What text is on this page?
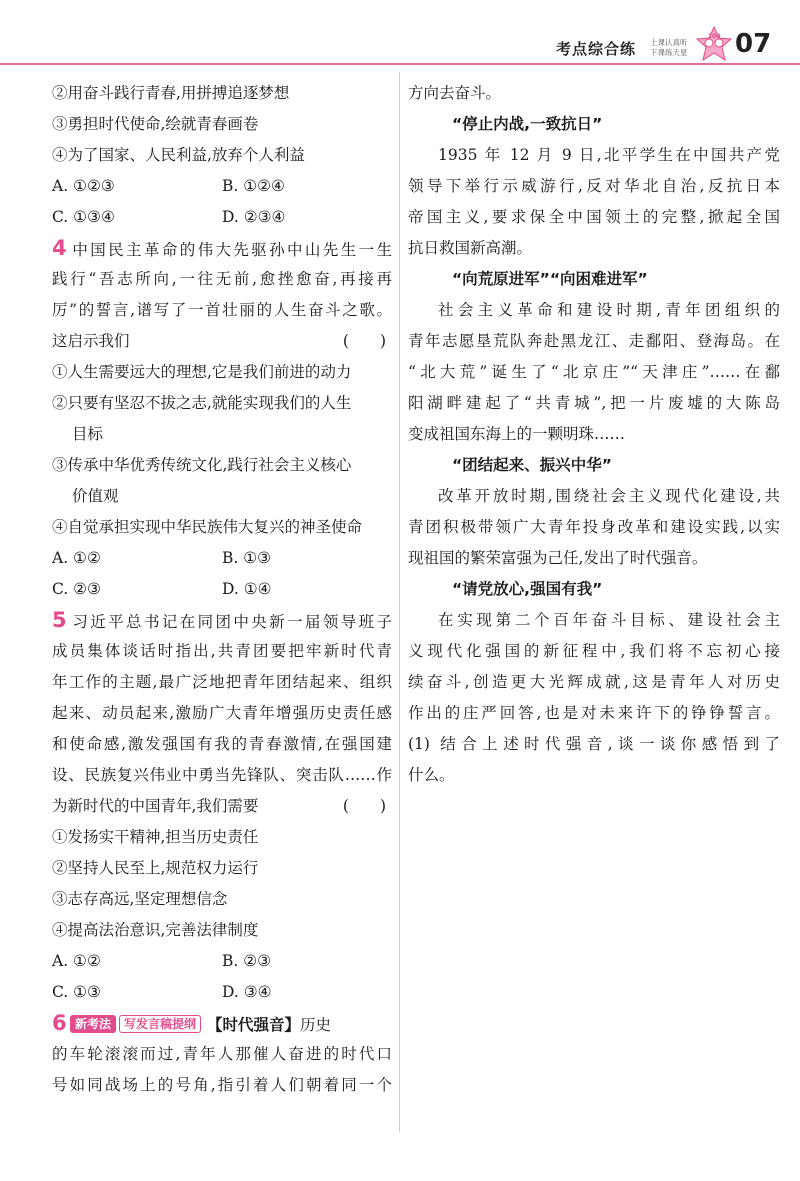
考点综合练 上课认真听
下课练天星
100 07
②用奋斗践行青春,用拼搏追逐梦想
③勇担时代使命,绘就青春画卷
④为了国家、人民利益,放弃个人利益
A. ①②③	B. ①②④
C. ①③④	D. ②③④
4 中国民主革命的伟大先驱孙中山先生一生
践行“吾志所向,一往无前,愈挫愈奋,再接再
厉”的誓言,谱写了一首壮丽的人生奋斗之歌。
这启示我们	(　　)
①人生需要远大的理想,它是我们前进的动力
②只要有坚忍不拔之志,就能实现我们的人生
目标
③传承中华优秀传统文化,践行社会主义核心
价值观
④自觉承担实现中华民族伟大复兴的神圣使命
A. ①②	B. ①③
C. ②③	D. ①④
5 习近平总书记在同团中央新一届领导班子
成员集体谈话时指出,共青团要把牢新时代青
年工作的主题,最广泛地把青年团结起来、组织
起来、动员起来,激励广大青年增强历史责任感
和使命感,激发强国有我的青春激情,在强国建
设、民族复兴伟业中勇当先锋队、突击队……作
为新时代的中国青年,我们需要	(　　)
①发扬实干精神,担当历史责任
②坚持人民至上,规范权力运行
③志存高远,坚定理想信念
④提高法治意识,完善法律制度
A. ①②	B. ②③
C. ①③	D. ③④
6 新考法 写发言稿提纲 【时代强音】历史
的车轮滚滚而过,青年人那催人奋进的时代口
号如同战场上的号角,指引着人们朝着同一个
方向去奋斗。
“停止内战,一致抗日”
1935 年 12 月 9 日,北平学生在中国共产党
领导下举行示威游行,反对华北自治,反抗日本
帝国主义,要求保全中国领土的完整,掀起全国
抗日救国新高潮。
“向荒原进军”“向困难进军”
社会主义革命和建设时期,青年团组织的
青年志愿垦荒队奔赴黑龙江、走鄱阳、登海岛。在
“北大荒”诞生了“北京庄”“天津庄”……在鄱
阳湖畔建起了“共青城”,把一片废墟的大陈岛
变成祖国东海上的一颗明珠……
“团结起来、振兴中华”
改革开放时期,围绕社会主义现代化建设,共
青团积极带领广大青年投身改革和建设实践,以实
现祖国的繁荣富强为己任,发出了时代强音。
“请党放心,强国有我”
在实现第二个百年奋斗目标、建设社会主
义现代化强国的新征程中,我们将不忘初心接
续奋斗,创造更大光辉成就,这是青年人对历史
作出的庄严回答,也是对未来许下的铮铮誓言。
(1) 结合上述时代强音,谈一谈你感悟到了
什么。
